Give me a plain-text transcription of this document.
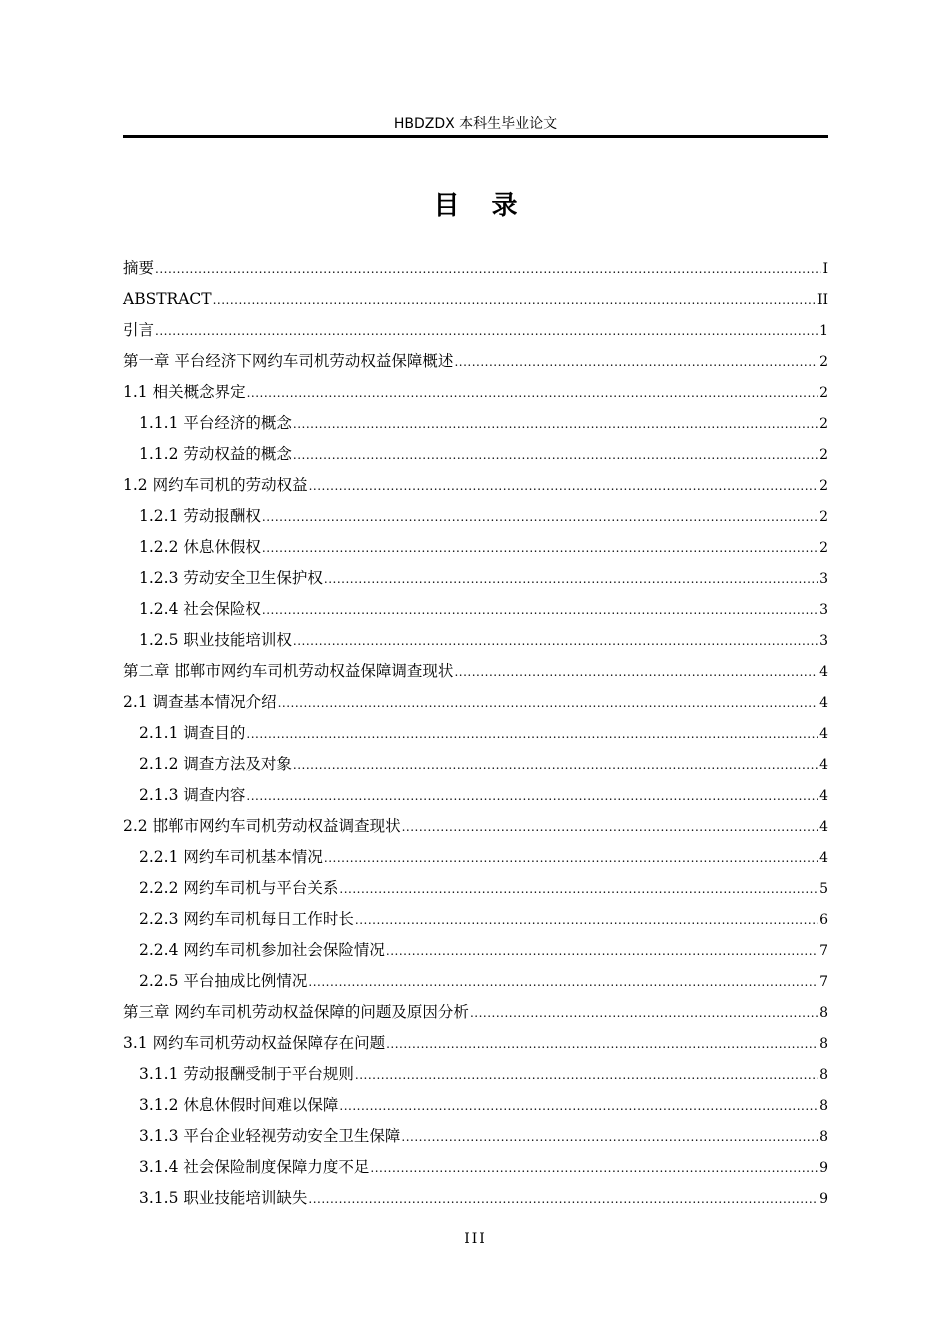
HBDZDX 本科生毕业论文
目录
摘要 .....	I
ABSTRACT .....	II
引言 .....	1
第一章 平台经济下网约车司机劳动权益保障概述 .....	2
1.1 相关概念界定 .....	2
1.1.1 平台经济的概念 .....	2
1.1.2 劳动权益的概念 .....	2
1.2 网约车司机的劳动权益 .....	2
1.2.1 劳动报酬权 .....	2
1.2.2 休息休假权 .....	2
1.2.3 劳动安全卫生保护权 .....	3
1.2.4 社会保险权 .....	3
1.2.5 职业技能培训权 .....	3
第二章 邯郸市网约车司机劳动权益保障调查现状 .....	4
2.1 调查基本情况介绍 .....	4
2.1.1 调查目的 .....	4
2.1.2 调查方法及对象 .....	4
2.1.3 调查内容 .....	4
2.2 邯郸市网约车司机劳动权益调查现状 .....	4
2.2.1 网约车司机基本情况 .....	4
2.2.2 网约车司机与平台关系 .....	5
2.2.3 网约车司机每日工作时长 .....	6
2.2.4 网约车司机参加社会保险情况 .....	7
2.2.5 平台抽成比例情况 .....	7
第三章 网约车司机劳动权益保障的问题及原因分析 .....	8
3.1 网约车司机劳动权益保障存在问题 .....	8
3.1.1 劳动报酬受制于平台规则 .....	8
3.1.2 休息休假时间难以保障 .....	8
3.1.3 平台企业轻视劳动安全卫生保障 .....	8
3.1.4 社会保险制度保障力度不足 .....	9
3.1.5 职业技能培训缺失 .....	9
III
